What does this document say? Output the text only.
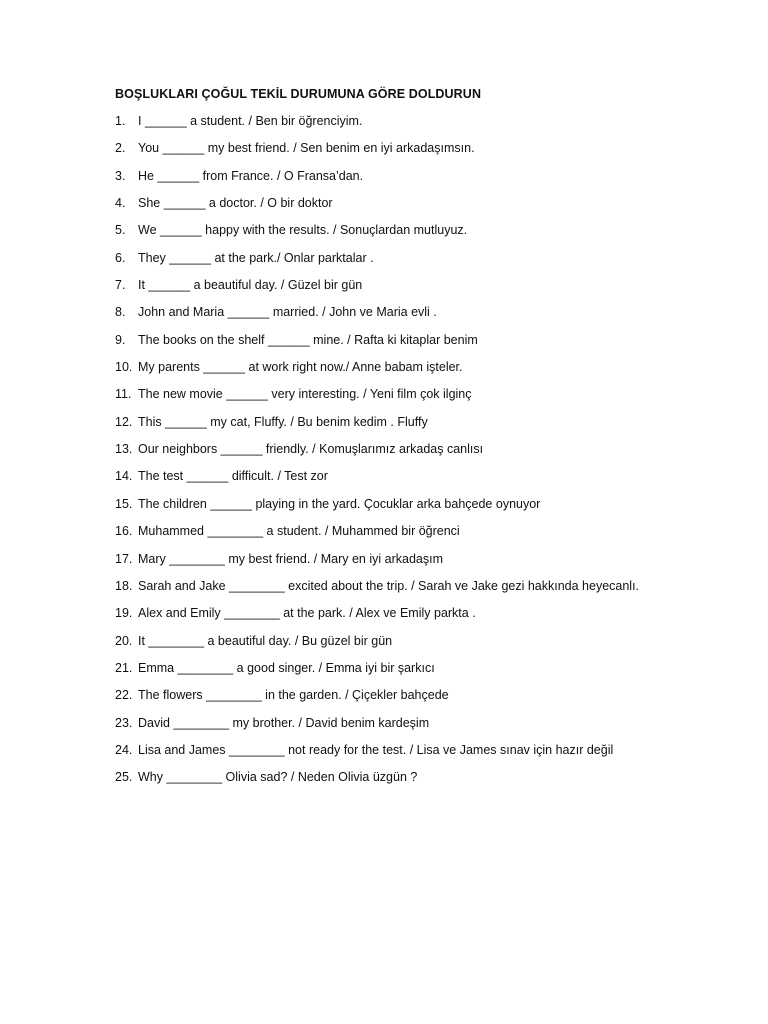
BOŞLUKLARI ÇOĞUL TEKİL DURUMUNA GÖRE DOLDURUN
1.	I ______ a student. / Ben bir öğrenciyim.
2.	You ______ my best friend. / Sen benim en iyi arkadaşımsın.
3.	He ______ from France. / O Fransa’dan.
4.	She ______ a doctor. / O bir doktor
5.	We ______ happy with the results. / Sonuçlardan mutluyuz.
6.	They ______ at the park./ Onlar parktalar .
7.	It ______ a beautiful day. / Güzel bir gün
8.	John and Maria ______ married. / John ve Maria evli .
9.	The books on the shelf ______ mine. / Rafta ki kitaplar benim
10. My parents ______ at work right now./ Anne babam işteler.
11. The new movie ______ very interesting. / Yeni film çok ilginç
12. This ______ my cat, Fluffy. / Bu benim kedim . Fluffy
13. Our neighbors ______ friendly. / Komuşlarımız arkadaş canlısı
14. The test ______ difficult. / Test zor
15. The children ______ playing in the yard. Çocuklar arka bahçede oynuyor
16. Muhammed ________ a student. / Muhammed bir öğrenci
17. Mary ________ my best friend. / Mary en iyi arkadaşım
18. Sarah and Jake ________ excited about the trip. / Sarah ve Jake gezi hakkında heyecanlı.
19. Alex and Emily ________ at the park. / Alex ve Emily parkta .
20. It ________ a beautiful day. / Bu güzel bir gün
21. Emma ________ a good singer. / Emma iyi bir şarkıcı
22. The flowers ________ in the garden. / Çiçekler bahçede
23. David ________ my brother. / David benim kardeşim
24. Lisa and James ________ not ready for the test. / Lisa ve James sınav için hazır değil
25. Why ________ Olivia sad? / Neden Olivia üzgün ?
